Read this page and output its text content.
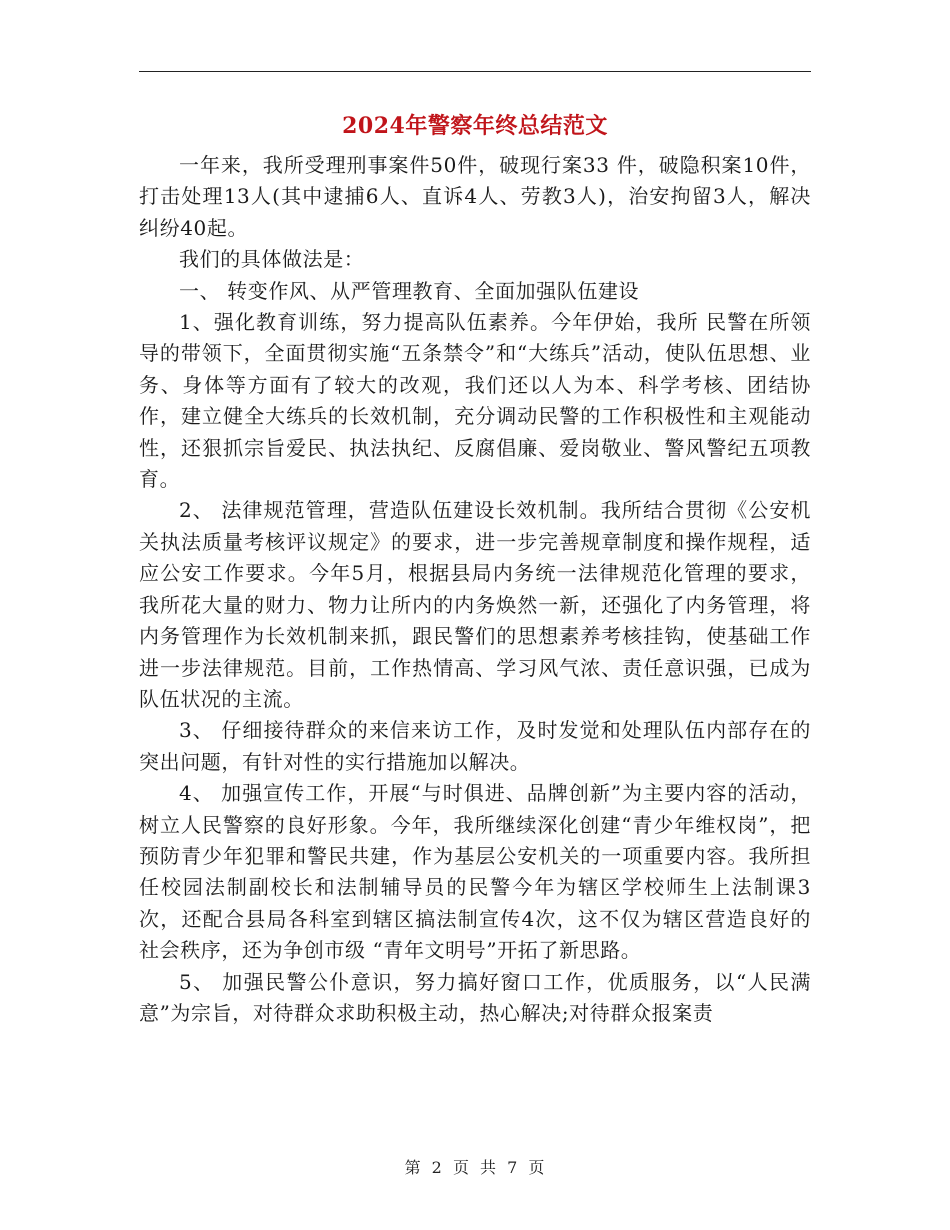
2024年警察年终总结范文

一年来，我所受理刑事案件50件，破现行案33 件，破隐积案10件，打击处理13人(其中逮捕6人、直诉4人、劳教3人)，治安拘留3人，解决纠纷40起。

我们的具体做法是：

一、 转变作风、从严管理教育、全面加强队伍建设

1、强化教育训练，努力提高队伍素养。今年伊始，我所 民警在所领导的带领下，全面贯彻实施“五条禁令”和“大练兵”活动，使队伍思想、业务、身体等方面有了较大的改观，我们还以人为本、科学考核、团结协作，建立健全大练兵的长效机制，充分调动民警的工作积极性和主观能动性，还狠抓宗旨爱民、执法执纪、反腐倡廉、爱岗敬业、警风警纪五项教育。

2、 法律规范管理，营造队伍建设长效机制。我所结合贯彻《公安机关执法质量考核评议规定》的要求，进一步完善规章制度和操作规程，适应公安工作要求。今年5月，根据县局内务统一法律规范化管理的要求，我所花大量的财力、物力让所内的内务焕然一新，还强化了内务管理，将内务管理作为长效机制来抓，跟民警们的思想素养考核挂钩，使基础工作进一步法律规范。目前，工作热情高、学习风气浓、责任意识强，已成为队伍状况的主流。

3、 仔细接待群众的来信来访工作，及时发觉和处理队伍内部存在的突出问题，有针对性的实行措施加以解决。

4、 加强宣传工作，开展“与时俱进、品牌创新”为主要内容的活动，树立人民警察的良好形象。今年，我所继续深化创建“青少年维权岗”，把预防青少年犯罪和警民共建，作为基层公安机关的一项重要内容。我所担任校园法制副校长和法制辅导员的民警今年为辖区学校师生上法制课3次，还配合县局各科室到辖区搞法制宣传4次，这不仅为辖区营造良好的社会秩序，还为争创市级 “青年文明号”开拓了新思路。

5、 加强民警公仆意识，努力搞好窗口工作，优质服务，以“人民满意”为宗旨，对待群众求助积极主动，热心解决;对待群众报案责

第 2 页 共 7 页
